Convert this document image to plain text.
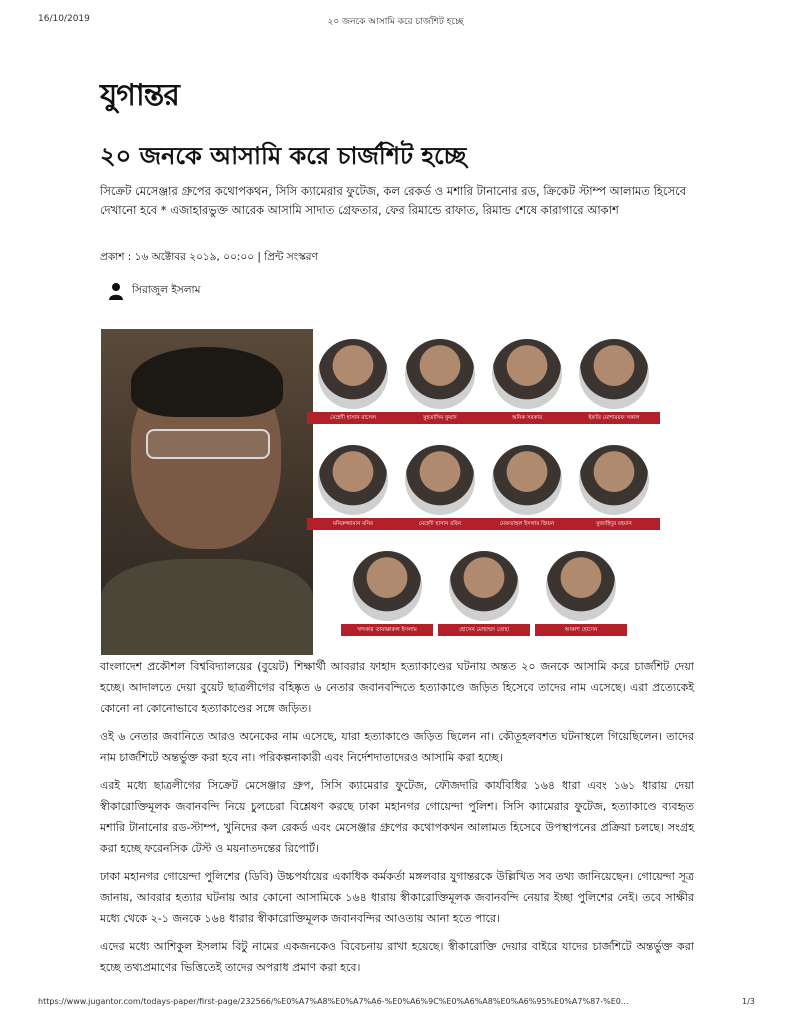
16/10/2019	২০ জনকে আসামি করে চার্জশিট হচ্ছে
যুগান্তর
২০ জনকে আসামি করে চার্জশিট হচ্ছে
সিক্রেট মেসেঞ্জার গ্রুপের কথোপকথন, সিসি ক্যামেরার ফুটেজ, কল রেকর্ড ও মশারি টানানোর রড, ক্রিকেট স্টাম্প আলামত হিসেবে দেখানো হবে * এজাহারভুক্ত আরেক আসামি সাদাত গ্রেফতার, ফের রিমান্ডে রাফাত, রিমান্ড শেষে কারাগারে আকাশ
প্রকাশ : ১৬ অক্টোবর ২০১৯, ০০:০০ | প্রিন্ট সংস্করণ
সিরাজুল ইসলাম
মেহেদী হাসান রাসেল	মুহতাসিম ফুয়াদ	অনিক সরকার	ইফতি মোশাররফ সকাল
মনিরুজ্জামান মনির	মেহেদী হাসান রবিন	মেফতাহুল ইসলাম জিয়ন	মুজাহিদুর রহমান
খন্দকার তাবাক্কারুল ইসলাম	হোসেন মোহাম্মদ তোহা	আকাশ হোসেন

বাংলাদেশ প্রকৌশল বিশ্ববিদ্যালয়ের (বুয়েট) শিক্ষার্থী আবরার ফাহাদ হত্যাকাণ্ডের ঘটনায় অন্তত ২০ জনকে আসামি করে চার্জশিট দেয়া হচ্ছে। আদালতে দেয়া বুয়েট ছাত্রলীগের বহিষ্কৃত ৬ নেতার জবানবন্দিতে হত্যাকাণ্ডে জড়িত হিসেবে তাদের নাম এসেছে। এরা প্রত্যেকেই কোনো না কোনোভাবে হত্যাকাণ্ডের সঙ্গে জড়িত।

ওই ৬ নেতার জবানিতে আরও অনেকের নাম এসেছে, যারা হত্যাকাণ্ডে জড়িত ছিলেন না। কৌতূহলবশত ঘটনাস্থলে গিয়েছিলেন। তাদের নাম চার্জশিটে অন্তর্ভুক্ত করা হবে না। পরিকল্পনাকারী এবং নির্দেশদাতাদেরও আসামি করা হচ্ছে।

এরই মধ্যে ছাত্রলীগের সিক্রেট মেসেঞ্জার গ্রুপ, সিসি ক্যামেরার ফুটেজ, ফৌজদারি কার্যবিধির ১৬৪ ধারা এবং ১৬১ ধারায় দেয়া স্বীকারোক্তিমূলক জবানবন্দি নিয়ে চুলচেরা বিশ্লেষণ করছে ঢাকা মহানগর গোয়েন্দা পুলিশ। সিসি ক্যামেরার ফুটেজ, হত্যাকাণ্ডে ব্যবহৃত মশারি টানানোর রড-স্টাম্প, খুনিদের কল রেকর্ড এবং মেসেঞ্জার গ্রুপের কথোপকথন আলামত হিসেবে উপস্থাপনের প্রক্রিয়া চলছে। সংগ্রহ করা হচ্ছে ফরেনসিক টেস্ট ও ময়নাতদন্তের রিপোর্ট।

ঢাকা মহানগর গোয়েন্দা পুলিশের (ডিবি) উচ্চপর্যায়ের একাধিক কর্মকর্তা মঙ্গলবার যুগান্তরকে উল্লিখিত সব তথ্য জানিয়েছেন। গোয়েন্দা সূত্র জানায়, আবরার হত্যার ঘটনায় আর কোনো আসামিকে ১৬৪ ধারায় স্বীকারোক্তিমূলক জবানবন্দি নেয়ার ইচ্ছা পুলিশের নেই। তবে সাক্ষীর মধ্যে থেকে ২-১ জনকে ১৬৪ ধারার স্বীকারোক্তিমূলক জবানবন্দির আওতায় আনা হতে পারে।

এদের মধ্যে আশিকুল ইসলাম বিটু নামের একজনকেও বিবেচনায় রাখা হয়েছে। স্বীকারোক্তি দেয়ার বাইরে যাদের চার্জশিটে অন্তর্ভুক্ত করা হচ্ছে তথ্যপ্রমাণের ভিত্তিতেই তাদের অপরাধ প্রমাণ করা হবে।

https://www.jugantor.com/todays-paper/first-page/232566/%E0%A7%A8%E0%A7%A6-%E0%A6%9C%E0%A6%A8%E0%A6%95%E0%A7%87-%E0...	1/3
